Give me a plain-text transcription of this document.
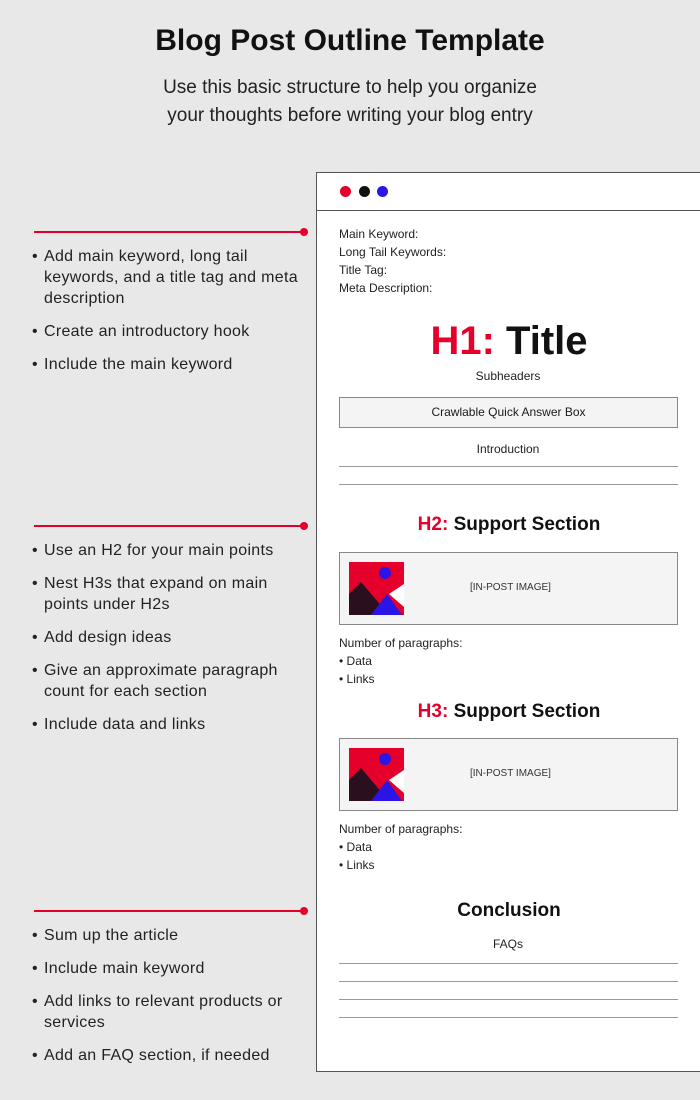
Blog Post Outline Template

Use this basic structure to help you organize your thoughts before writing your blog entry

• Add main keyword, long tail keywords, and a title tag and meta description
• Create an introductory hook
• Include the main keyword
• Use an H2 for your main points
• Nest H3s that expand on main points under H2s
• Add design ideas
• Give an approximate paragraph count for each section
• Include data and links
• Sum up the article
• Include main keyword
• Add links to relevant products or services
• Add an FAQ section, if needed
Main Keyword:
Long Tail Keywords:
Title Tag:
Meta Description:
H1: Title
Subheaders
Crawlable Quick Answer Box
Introduction
H2: Support Section
[IN-POST IMAGE]
Number of paragraphs:
• Data
• Links
H3: Support Section
[IN-POST IMAGE]
Number of paragraphs:
• Data
• Links
Conclusion
FAQs
